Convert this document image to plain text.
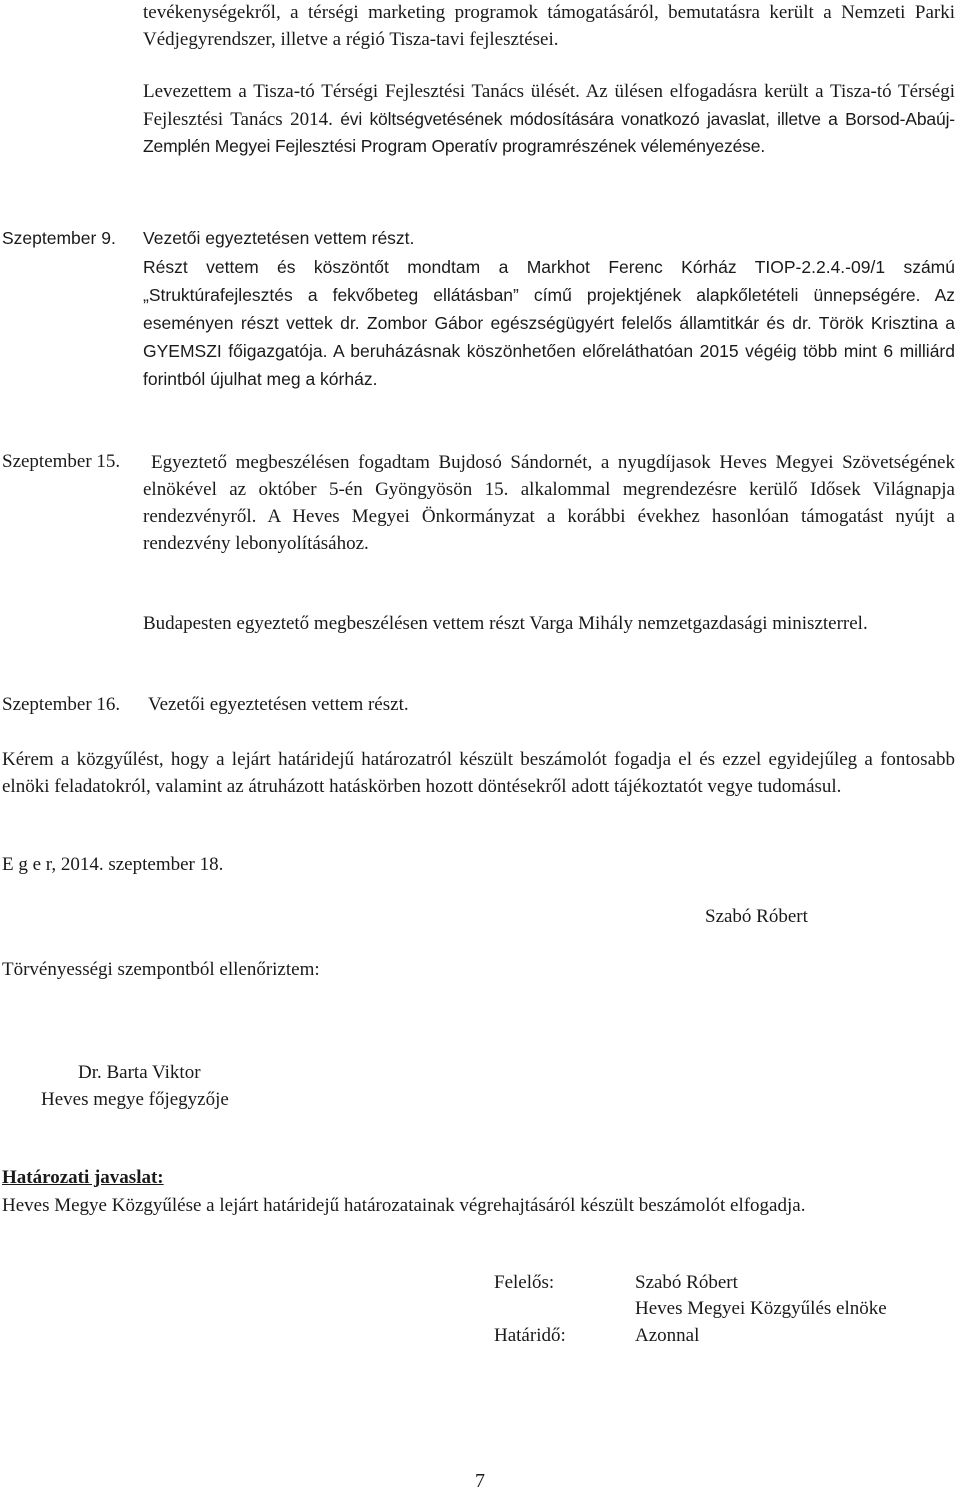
tevékenységekről, a térségi marketing programok támogatásáról, bemutatásra került a Nemzeti Parki Védjegyrendszer, illetve a régió Tisza-tavi fejlesztései.
Levezettem a Tisza-tó Térségi Fejlesztési Tanács ülését. Az ülésen elfogadásra került a Tisza-tó Térségi Fejlesztési Tanács 2014. évi költségvetésének módosítására vonatkozó javaslat, illetve a Borsod-Abaúj-Zemplén Megyei Fejlesztési Program Operatív programrészének véleményezése.
Szeptember 9. Vezetői egyeztetésen vettem részt.
Részt vettem és köszöntőt mondtam a Markhot Ferenc Kórház TIOP-2.2.4.-09/1 számú „Struktúrafejlesztés a fekvőbeteg ellátásban” című projektjének alapkőletételi ünnepségére. Az eseményen részt vettek dr. Zombor Gábor egészségügyért felelős államtitkár és dr. Török Krisztina a GYEMSZI főigazgatója. A beruházásnak köszönhetően előreláthatóan 2015 végéig több mint 6 milliárd forintból újulhat meg a kórház.
Szeptember 15.	Egyeztető megbeszélésen fogadtam Bujdosó Sándornét, a nyugdíjasok Heves Megyei Szövetségének elnökével az október 5-én Gyöngyösön 15. alkalommal megrendezésre kerülő Idősek Világnapja rendezvényről. A Heves Megyei Önkormányzat a korábbi évekhez hasonlóan támogatást nyújt a rendezvény lebonyolításához.
Budapesten egyeztető megbeszélésen vettem részt Varga Mihály nemzetgazdasági miniszterrel.
Szeptember 16. Vezetői egyeztetésen vettem részt.
Kérem a közgyűlést, hogy a lejárt határidejű határozatról készült beszámolót fogadja el és ezzel egyidejűleg a fontosabb elnöki feladatokról, valamint az átruházott hatáskörben hozott döntésekről adott tájékoztatót vegye tudomásul.
E g e r, 2014. szeptember 18.
Szabó Róbert
Törvényességi szempontból ellenőriztem:
Dr. Barta Viktor
Heves megye főjegyzője
Határozati javaslat:
Heves Megye Közgyűlése a lejárt határidejű határozatainak végrehajtásáról készült beszámolót elfogadja.
Felelős:	Szabó Róbert
Heves Megyei Közgyűlés elnöke
Határidő:	Azonnal
7
